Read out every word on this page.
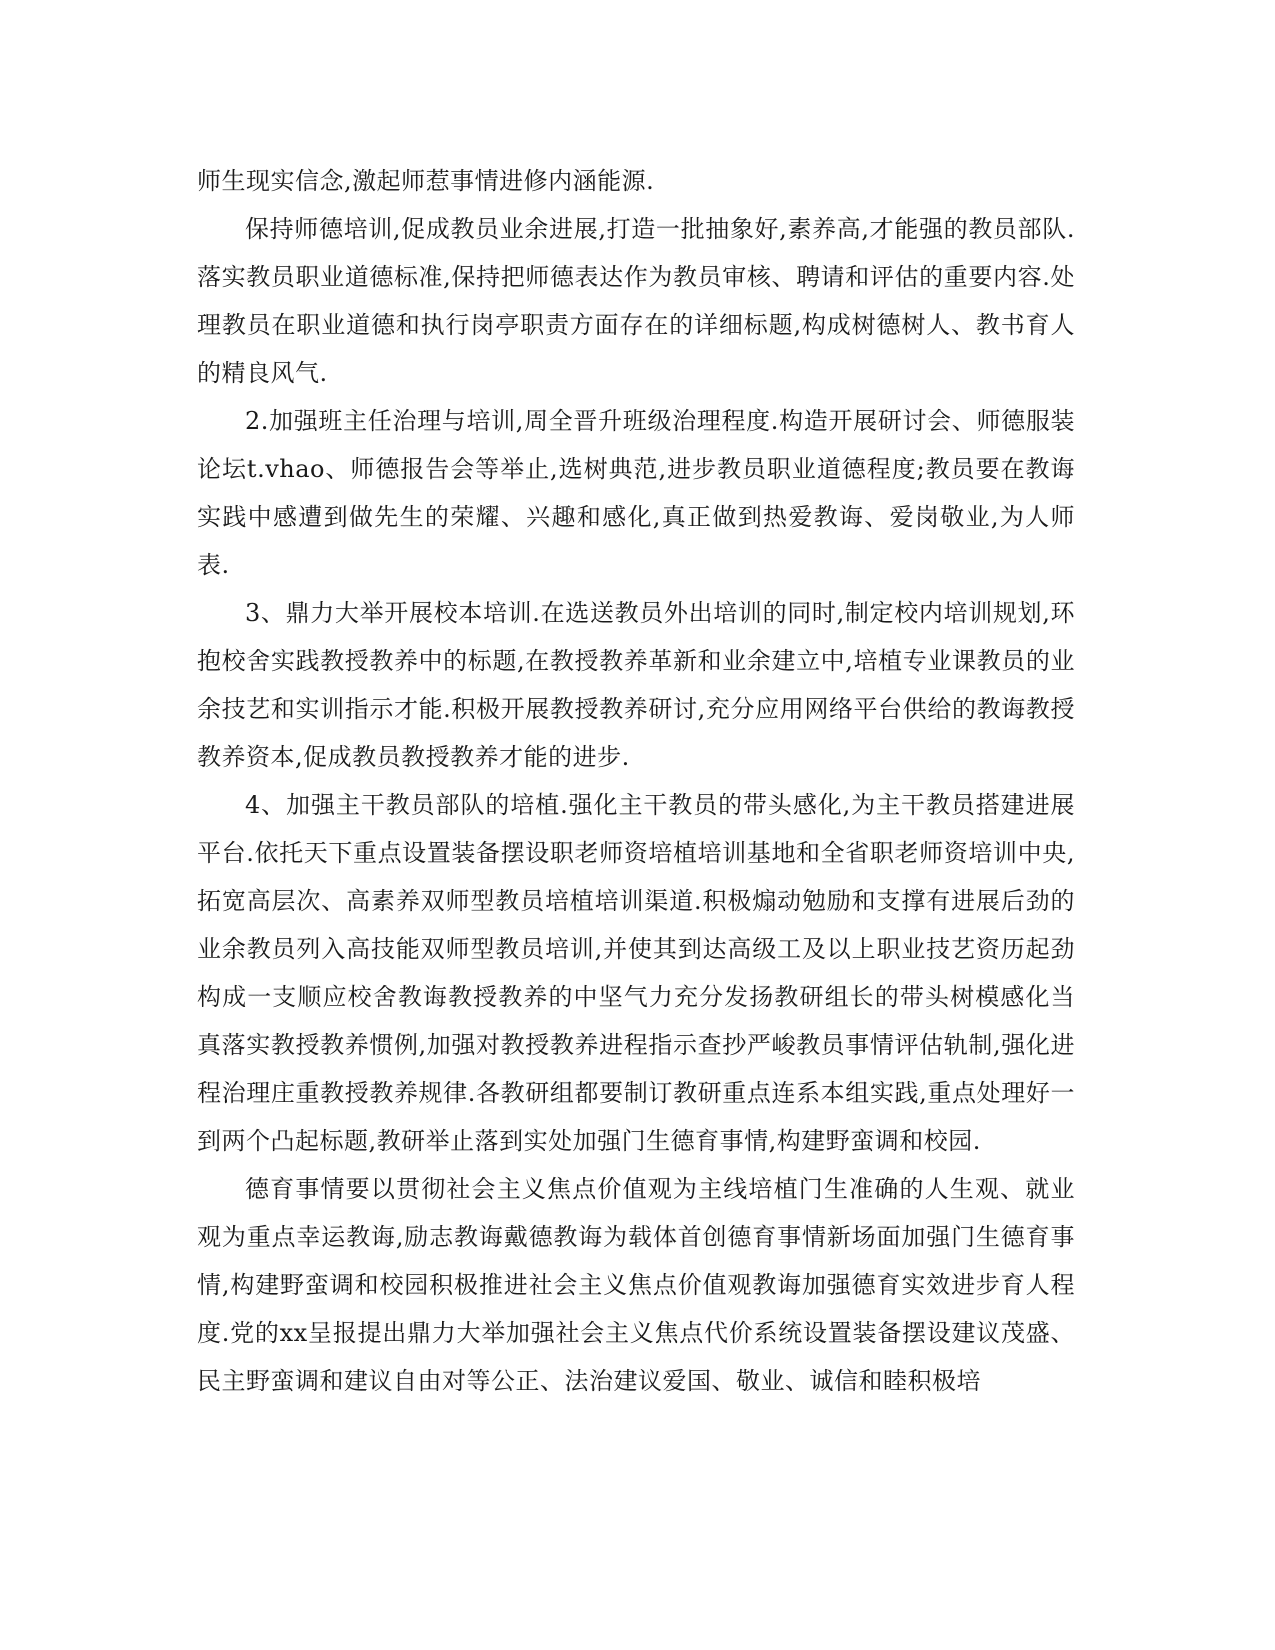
师生现实信念,激起师惹事情进修内涵能源.

保持师德培训,促成教员业余进展,打造一批抽象好,素养高,才能强的教员部队.落实教员职业道德标准,保持把师德表达作为教员审核、聘请和评估的重要内容.处理教员在职业道德和执行岗亭职责方面存在的详细标题,构成树德树人、教书育人的精良风气.

2.加强班主任治理与培训,周全晋升班级治理程度.构造开展研讨会、师德服装论坛t.vhao、师德报告会等举止,选树典范,进步教员职业道德程度;教员要在教诲实践中感遭到做先生的荣耀、兴趣和感化,真正做到热爱教诲、爱岗敬业,为人师表.

3、鼎力大举开展校本培训.在选送教员外出培训的同时,制定校内培训规划,环抱校舍实践教授教养中的标题,在教授教养革新和业余建立中,培植专业课教员的业余技艺和实训指示才能.积极开展教授教养研讨,充分应用网络平台供给的教诲教授教养资本,促成教员教授教养才能的进步.

4、加强主干教员部队的培植.强化主干教员的带头感化,为主干教员搭建进展平台.依托天下重点设置装备摆设职老师资培植培训基地和全省职老师资培训中央,拓宽高层次、高素养双师型教员培植培训渠道.积极煽动勉励和支撑有进展后劲的业余教员列入高技能双师型教员培训,并使其到达高级工及以上职业技艺资历起劲构成一支顺应校舍教诲教授教养的中坚气力充分发扬教研组长的带头树模感化当真落实教授教养惯例,加强对教授教养进程指示查抄严峻教员事情评估轨制,强化进程治理庄重教授教养规律.各教研组都要制订教研重点连系本组实践,重点处理好一到两个凸起标题,教研举止落到实处加强门生德育事情,构建野蛮调和校园.

德育事情要以贯彻社会主义焦点价值观为主线培植门生准确的人生观、就业观为重点幸运教诲,励志教诲戴德教诲为载体首创德育事情新场面加强门生德育事情,构建野蛮调和校园积极推进社会主义焦点价值观教诲加强德育实效进步育人程度.党的xx呈报提出鼎力大举加强社会主义焦点代价系统设置装备摆设建议茂盛、民主野蛮调和建议自由对等公正、法治建议爱国、敬业、诚信和睦积极培
